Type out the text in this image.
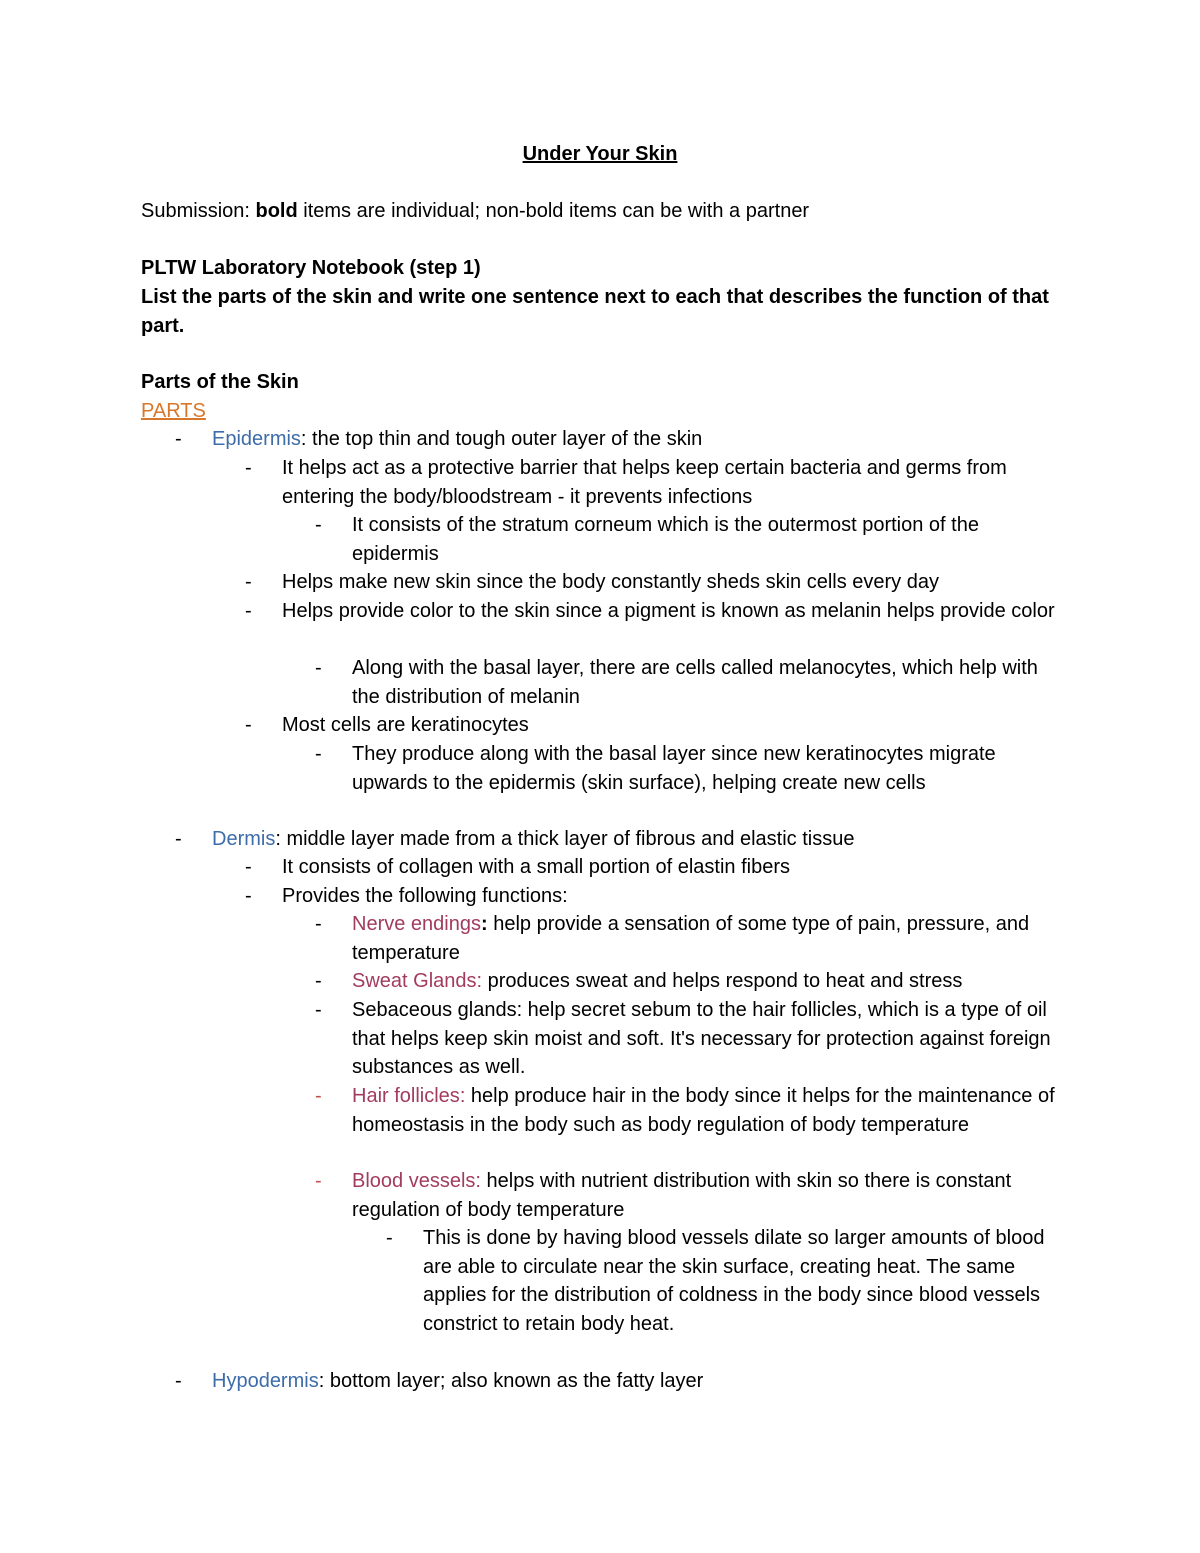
Under Your Skin
Submission: bold items are individual; non-bold items can be with a partner
PLTW Laboratory Notebook (step 1)
List the parts of the skin and write one sentence next to each that describes the function of that part.
Parts of the Skin
PARTS
- Epidermis: the top thin and tough outer layer of the skin
- It helps act as a protective barrier that helps keep certain bacteria and germs from entering the body/bloodstream - it prevents infections
- It consists of the stratum corneum which is the outermost portion of the epidermis
- Helps make new skin since the body constantly sheds skin cells every day
- Helps provide color to the skin since a pigment is known as melanin helps provide color
- Along with the basal layer, there are cells called melanocytes, which help with the distribution of melanin
- Most cells are keratinocytes
- They produce along with the basal layer since new keratinocytes migrate upwards to the epidermis (skin surface), helping create new cells
- Dermis: middle layer made from a thick layer of fibrous and elastic tissue
- It consists of collagen with a small portion of elastin fibers
- Provides the following functions:
- Nerve endings: help provide a sensation of some type of pain, pressure, and temperature
- Sweat Glands: produces sweat and helps respond to heat and stress
- Sebaceous glands: help secret sebum to the hair follicles, which is a type of oil that helps keep skin moist and soft. It's necessary for protection against foreign substances as well.
- Hair follicles: help produce hair in the body since it helps for the maintenance of homeostasis in the body such as body regulation of body temperature
- Blood vessels: helps with nutrient distribution with skin so there is constant regulation of body temperature
- This is done by having blood vessels dilate so larger amounts of blood are able to circulate near the skin surface, creating heat. The same applies for the distribution of coldness in the body since blood vessels constrict to retain body heat.
- Hypodermis: bottom layer; also known as the fatty layer
